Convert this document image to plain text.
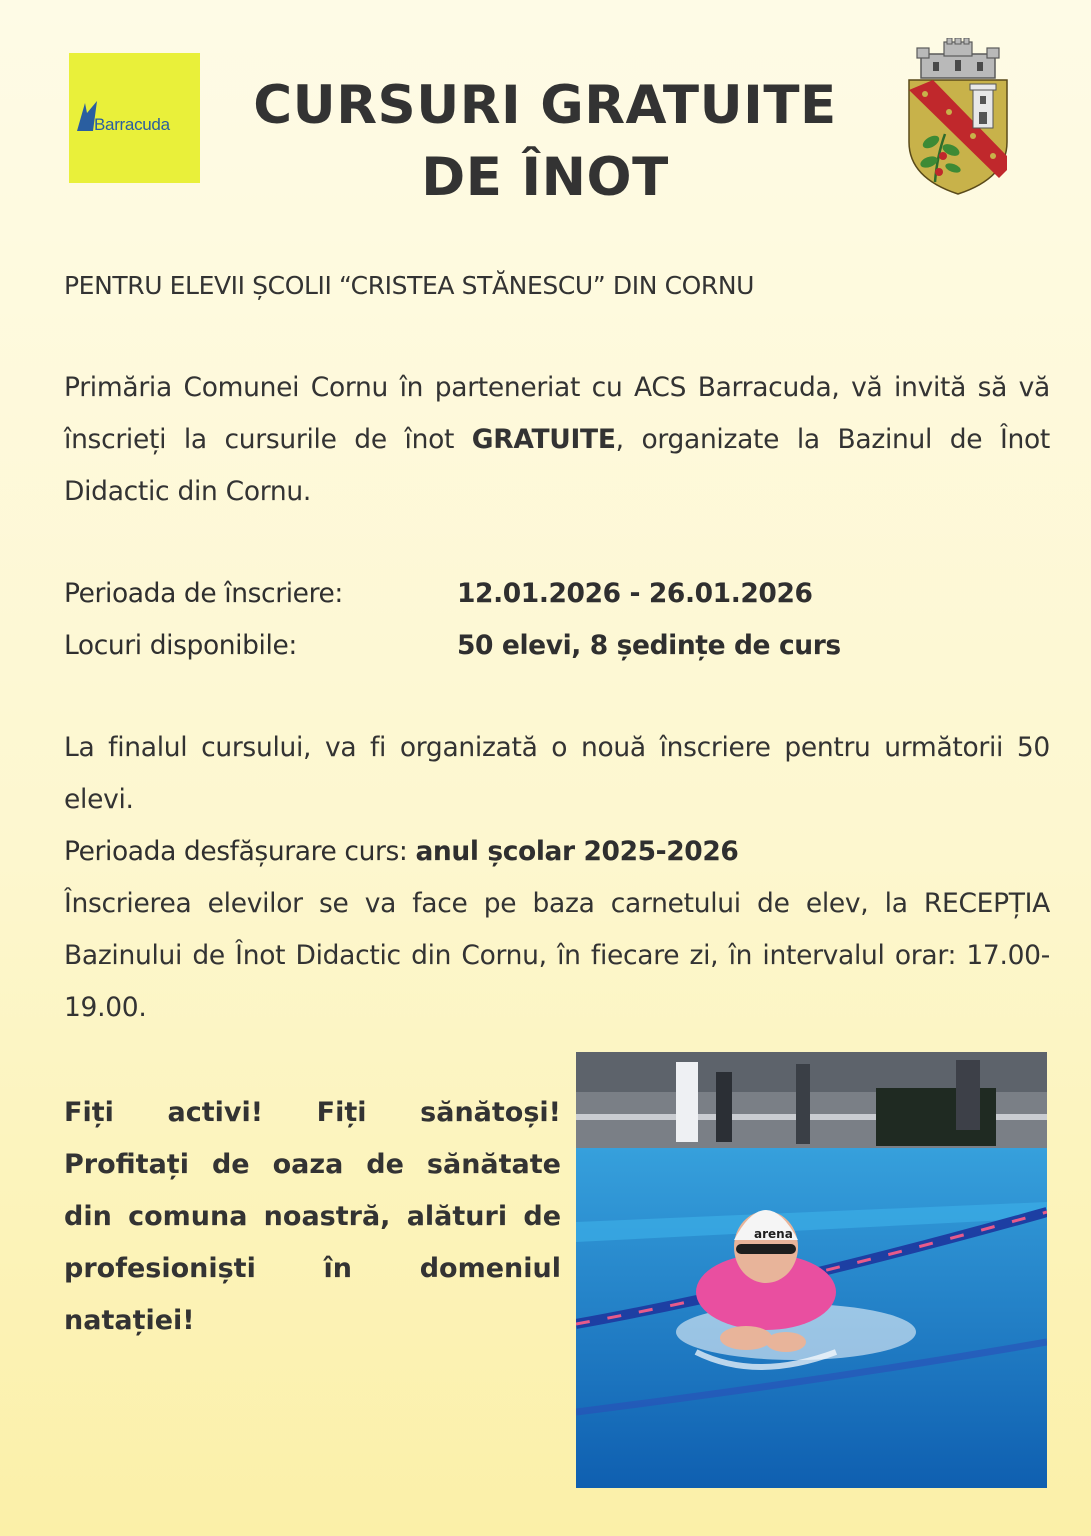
Barracuda	CURSURI GRATUITE
DE ÎNOT
PENTRU ELEVII ȘCOLII “CRISTEA STĂNESCU” DIN CORNU
Primăria Comunei Cornu în parteneriat cu ACS Barracuda, vă invită să vă înscrieți la cursurile de înot GRATUITE, organizate la Bazinul de Înot Didactic din Cornu.
Perioada de înscriere:	12.01.2026 - 26.01.2026
Locuri disponibile:	50 elevi, 8 ședințe de curs
La finalul cursului, va fi organizată o nouă înscriere pentru următorii 50 elevi.
Perioada desfășurare curs: anul școlar 2025-2026
Înscrierea elevilor se va face pe baza carnetului de elev, la RECEPȚIA Bazinului de Înot Didactic din Cornu, în fiecare zi, în intervalul orar: 17.00-19.00.
Fiți activi! Fiți sănătoși! Profitați de oaza de sănătate din comuna noastră, alături de profesioniști în domeniul natației!
arena
